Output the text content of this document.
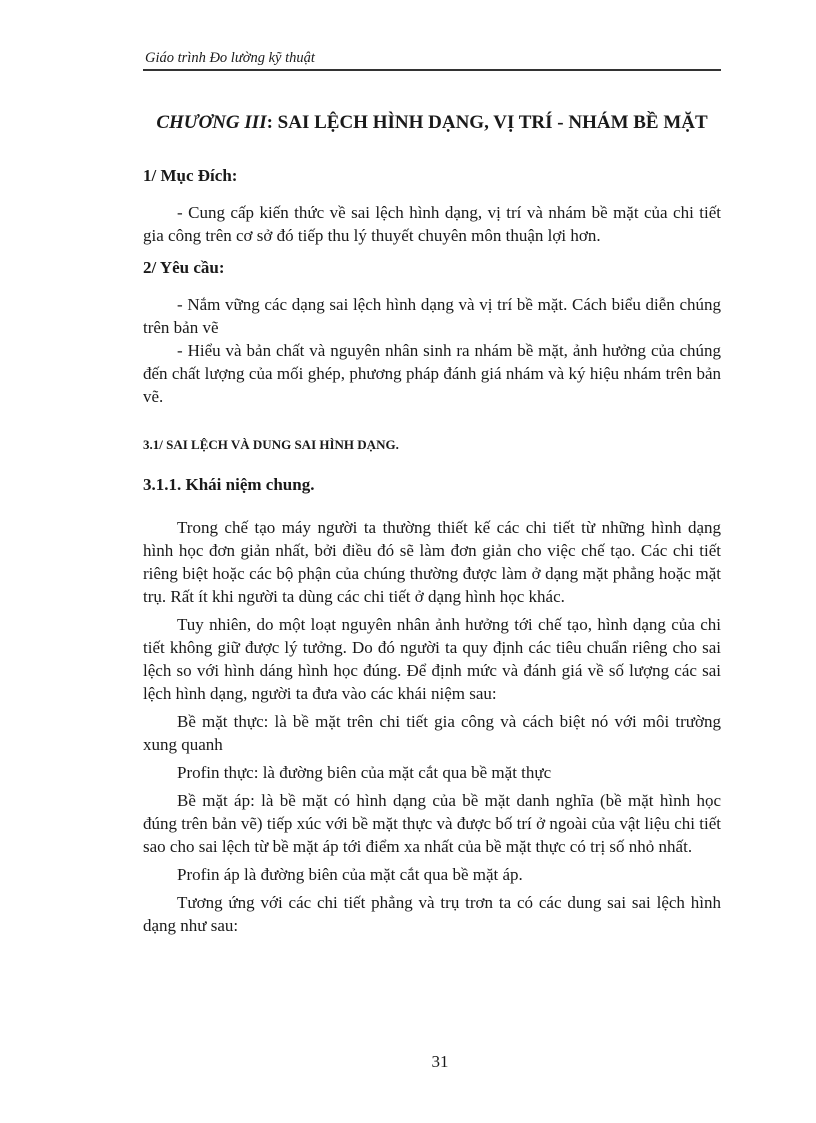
Giáo trình Đo lường kỹ thuật
CHƯƠNG III: SAI LỆCH HÌNH DẠNG, VỊ TRÍ - NHÁM BỀ MẶT
1/ Mục Đích:

- Cung cấp kiến thức về sai lệch hình dạng, vị trí và nhám bề mặt của chi tiết gia công trên cơ sở đó tiếp thu lý thuyết chuyên môn thuận lợi hơn.

2/ Yêu cầu:

- Nắm vững các dạng sai lệch hình dạng và vị trí bề mặt. Cách biểu diễn chúng trên bản vẽ

- Hiểu và bản chất và nguyên nhân sinh ra nhám bề mặt, ảnh hưởng của chúng đến chất lượng của mối ghép, phương pháp đánh giá nhám và ký hiệu nhám trên bản vẽ.

3.1/ SAI LỆCH VÀ DUNG SAI HÌNH DẠNG.
3.1.1. Khái niệm chung.

Trong chế tạo máy người ta thường thiết kế các chi tiết từ những hình dạng hình học đơn giản nhất, bởi điều đó sẽ làm đơn giản cho việc chế tạo. Các chi tiết riêng biệt hoặc các bộ phận của chúng thường được làm ở dạng mặt phẳng hoặc mặt trụ. Rất ít khi người ta dùng các chi tiết ở dạng hình học khác.

Tuy nhiên, do một loạt nguyên nhân ảnh hưởng tới chế tạo, hình dạng của chi tiết không giữ được lý tưởng. Do đó người ta quy định các tiêu chuẩn riêng cho sai lệch so với hình dáng hình học đúng. Để định mức và đánh giá về số lượng các sai lệch hình dạng, người ta đưa vào các khái niệm sau:

Bề mặt thực: là bề mặt trên chi tiết gia công và cách biệt nó với môi trường xung quanh

Profin thực: là đường biên của mặt cắt qua bề mặt thực

Bề mặt áp: là bề mặt có hình dạng của bề mặt danh nghĩa (bề mặt hình học đúng trên bản vẽ) tiếp xúc với bề mặt thực và được bố trí ở ngoài của vật liệu chi tiết sao cho sai lệch từ bề mặt áp tới điểm xa nhất của bề mặt thực có trị số nhỏ nhất.

Profin áp là đường biên của mặt cắt qua bề mặt áp.

Tương ứng với các chi tiết phẳng và trụ trơn ta có các dung sai sai lệch hình dạng như sau:

31
